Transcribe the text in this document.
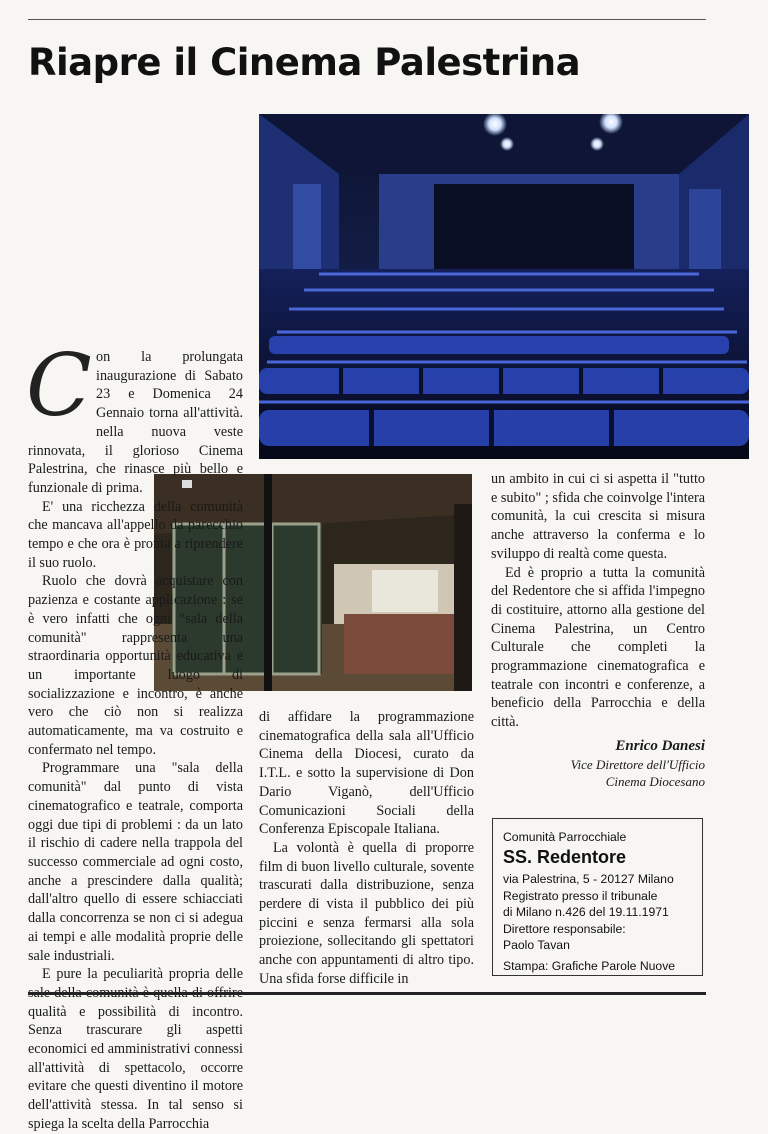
Riapre il Cinema Palestrina
C on la prolungata inaugurazione di Sabato 23 e Domenica 24 Gennaio torna all'attività. nella nuova veste rinnovata, il glorioso Cinema Palestrina, che rinasce più bello e funzionale di prima.

E' una ricchezza della comunità che mancava all'appello da parecchio tempo e che ora è pronta a riprendere il suo ruolo.

Ruolo che dovrà acquistare con pazienza e costante applicazione : se è vero infatti che ogni "sala della comunità" rappresenta una straordinaria opportunità educativa e un importante luogo di socializzazione e incontro, è anche vero che ciò non si realizza automaticamente, ma va costruito e confermato nel tempo.

Programmare una "sala della comunità" dal punto di vista cinematografico e teatrale, comporta oggi due tipi di problemi : da un lato il rischio di cadere nella trappola del successo commerciale ad ogni costo, anche a prescindere dalla qualità; dall'altro quello di essere schiacciati dalla concorrenza se non ci si adegua ai tempi e alle modalità proprie delle sale industriali.

E pure la peculiarità propria delle qualità e possibilità di incontro. Senza trascurare gli aspetti economici ed amministrativi connessi all'attività di spettacolo, occorre evitare che questi diventino il motore dell'attività stessa. In tal senso si spiega la scelta della Parrocchia

di affidare la programmazione cinematografica della sala all'Ufficio Cinema della Diocesi, curato da I.T.L. e sotto la supervisione di Don Dario Viganò, dell'Ufficio Comunicazioni Sociali della Conferenza Episcopale Italiana.

La volontà è quella di proporre film di buon livello culturale, sovente trascurati dalla distribuzione, senza perdere di vista il pubblico dei più piccini e senza fermarsi alla sola proiezione, sollecitando gli spettatori anche con appuntamenti di altro tipo. Una sfida forse difficile in

un ambito in cui ci si aspetta il "tutto e subito" ; sfida che coinvolge l'intera comunità, la cui crescita si misura anche attraverso la conferma e lo sviluppo di realtà come questa.

Ed è proprio a tutta la comunità del Redentore che si affida l'impegno di costituire, attorno alla gestione del Cinema Palestrina, un Centro Culturale che completi la programmazione cinematografica e teatrale con incontri e conferenze, a beneficio della Parrocchia e della città.

Enrico Danesi
Vice Direttore dell'Ufficio
Cinema Diocesano
Comunità Parrocchiale
SS. Redentore
via Palestrina, 5 - 20127 Milano
Registrato presso il tribunale
di Milano n.426 del 19.11.1971
Direttore responsabile:
Paolo Tavan
Stampa: Grafiche Parole Nuove
